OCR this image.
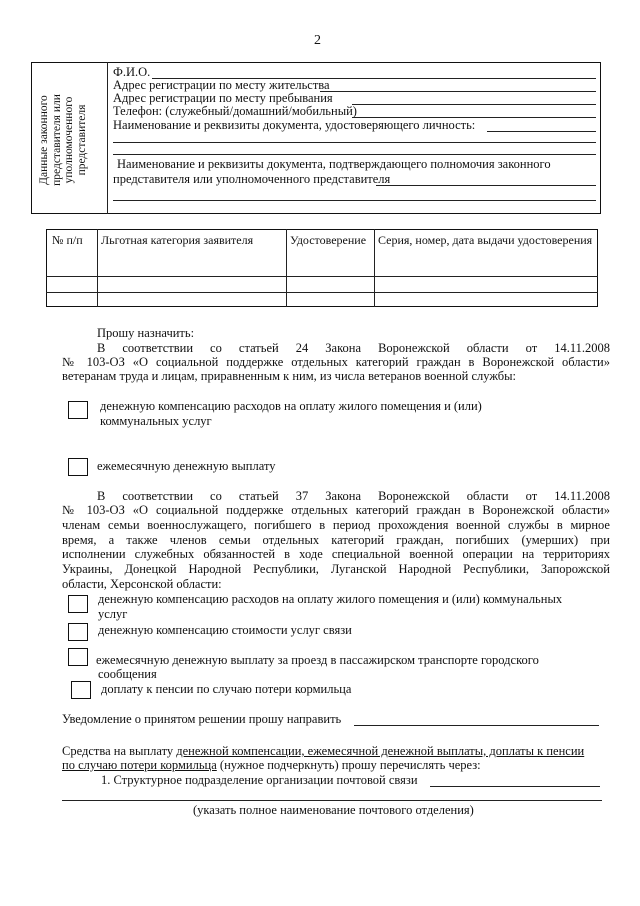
2
Данные законного представителя или уполномоченного представителя
Ф.И.О.
Адрес регистрации по месту жительства
Адрес регистрации по месту пребывания
Телефон: (служебный/домашний/мобильный)
Наименование и реквизиты документа, удостоверяющего личность:
Наименование и реквизиты документа, подтверждающего полномочия законного
представителя или уполномоченного представителя
№ п/п Льготная категория заявителя	Удостоверение Серия, номер, дата выдачи удостоверения
Прошу назначить:
В соответствии со статьей 24 Закона Воронежской области от 14.11.2008
№ 103-ОЗ «О социальной поддержке отдельных категорий граждан в Воронежской области»
ветеранам труда и лицам, приравненным к ним, из числа ветеранов военной службы:
денежную компенсацию расходов на оплату жилого помещения и (или)
коммунальных услуг
ежемесячную денежную выплату
В соответствии со статьей 37 Закона Воронежской области от 14.11.2008
№ 103-ОЗ «О социальной поддержке отдельных категорий граждан в Воронежской области»
членам семьи военнослужащего, погибшего в период прохождения военной службы в мирное
время, а также членов семьи отдельных категорий граждан, погибших (умерших) при
исполнении служебных обязанностей в ходе специальной военной операции на территориях
Украины, Донецкой Народной Республики, Луганской Народной Республики, Запорожской
области, Херсонской области:
денежную компенсацию расходов на оплату жилого помещения и (или) коммунальных
услуг
денежную компенсацию стоимости услуг связи
ежемесячную денежную выплату за проезд в пассажирском транспорте городского
сообщения
доплату к пенсии по случаю потери кормильца
Уведомление о принятом решении прошу направить
Средства на выплату денежной компенсации, ежемесячной денежной выплаты, доплаты к пенсии
по случаю потери кормильца (нужное подчеркнуть) прошу перечислять через:
1. Структурное подразделение организации почтовой связи
(указать полное наименование почтового отделения)
